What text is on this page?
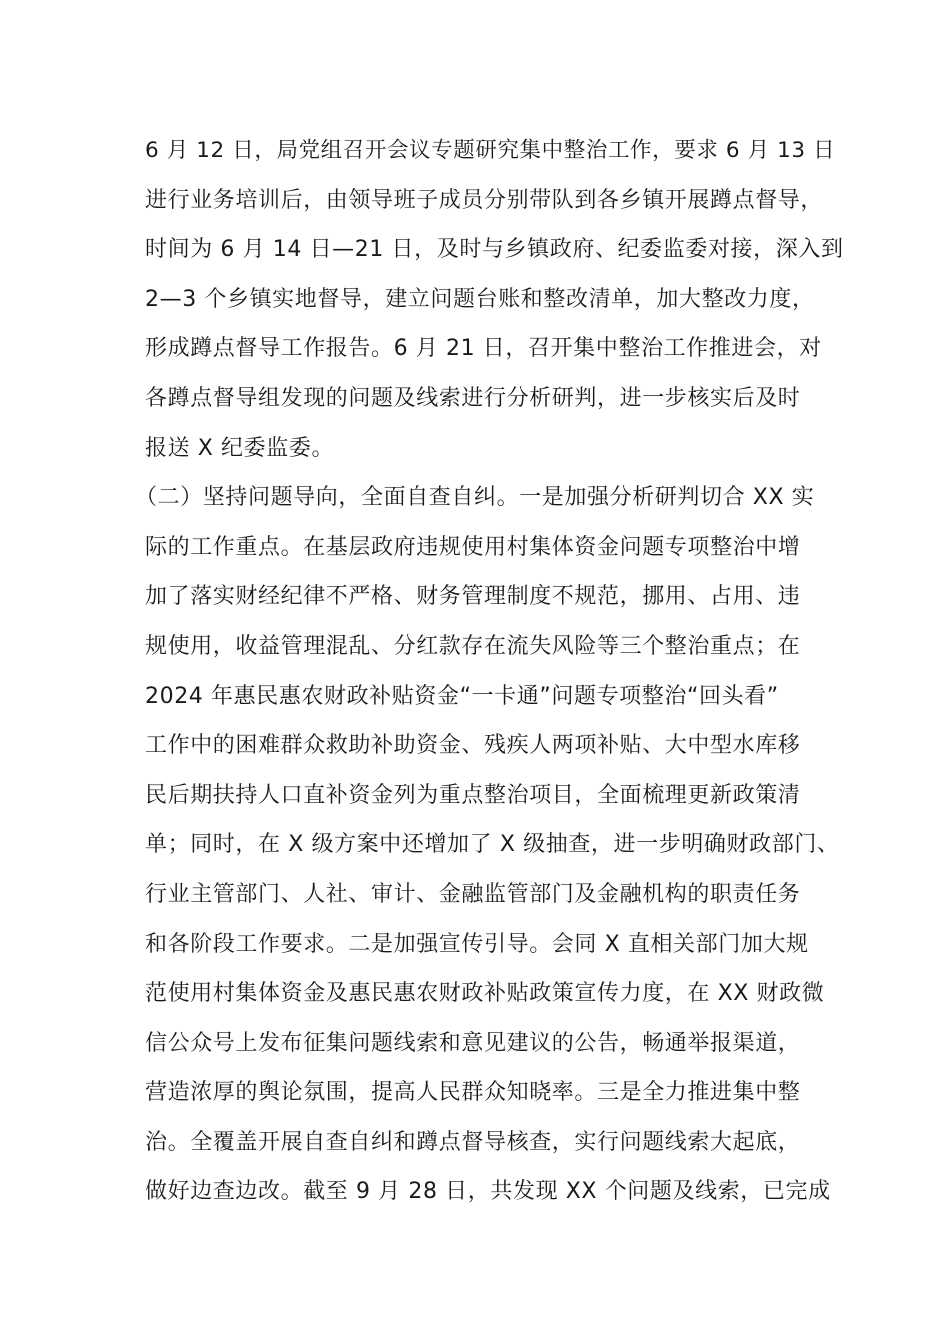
6 月 12 日，局党组召开会议专题研究集中整治工作，要求 6 月 13 日
进行业务培训后，由领导班子成员分别带队到各乡镇开展蹲点督导，
时间为 6 月 14 日—21 日，及时与乡镇政府、纪委监委对接，深入到
2—3 个乡镇实地督导，建立问题台账和整改清单，加大整改力度，
形成蹲点督导工作报告。6 月 21 日，召开集中整治工作推进会，对
各蹲点督导组发现的问题及线索进行分析研判，进一步核实后及时
报送 X 纪委监委。
（二）坚持问题导向，全面自查自纠。一是加强分析研判切合 XX 实
际的工作重点。在基层政府违规使用村集体资金问题专项整治中增
加了落实财经纪律不严格、财务管理制度不规范，挪用、占用、违
规使用，收益管理混乱、分红款存在流失风险等三个整治重点；在
2024 年惠民惠农财政补贴资金“一卡通”问题专项整治“回头看”
工作中的困难群众救助补助资金、残疾人两项补贴、大中型水库移
民后期扶持人口直补资金列为重点整治项目，全面梳理更新政策清
单；同时，在 X 级方案中还增加了 X 级抽查，进一步明确财政部门、
行业主管部门、人社、审计、金融监管部门及金融机构的职责任务
和各阶段工作要求。二是加强宣传引导。会同 X 直相关部门加大规
范使用村集体资金及惠民惠农财政补贴政策宣传力度，在 XX 财政微
信公众号上发布征集问题线索和意见建议的公告，畅通举报渠道，
营造浓厚的舆论氛围，提高人民群众知晓率。三是全力推进集中整
治。全覆盖开展自查自纠和蹲点督导核查，实行问题线索大起底，
做好边查边改。截至 9 月 28 日，共发现 XX 个问题及线索，已完成
